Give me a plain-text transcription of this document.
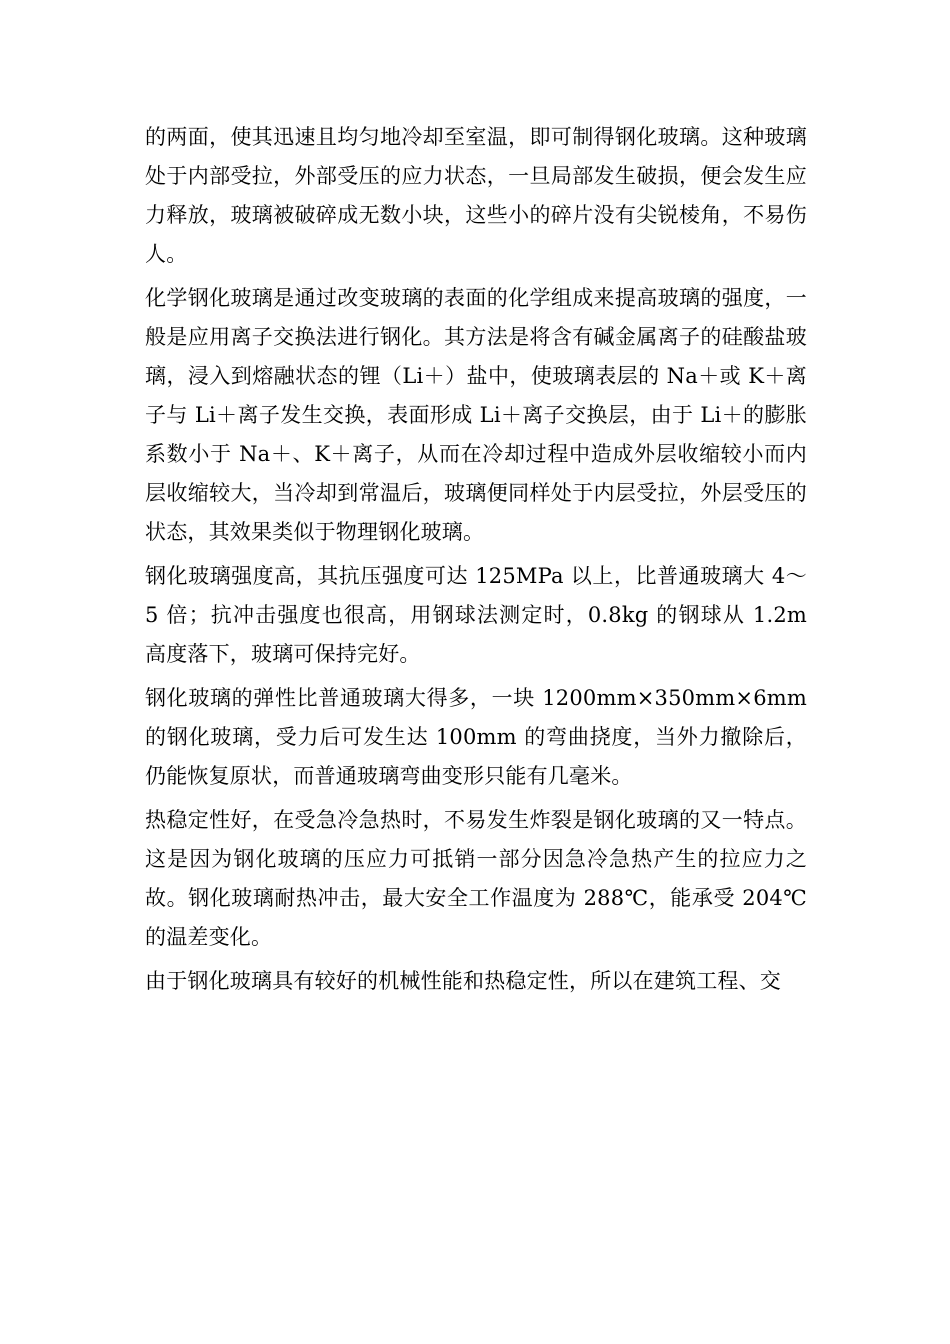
的两面，使其迅速且均匀地冷却至室温，即可制得钢化玻璃。这种玻璃处于内部受拉，外部受压的应力状态，一旦局部发生破损，便会发生应力释放，玻璃被破碎成无数小块，这些小的碎片没有尖锐棱角，不易伤人。

化学钢化玻璃是通过改变玻璃的表面的化学组成来提高玻璃的强度，一般是应用离子交换法进行钢化。其方法是将含有碱金属离子的硅酸盐玻璃，浸入到熔融状态的锂（Li＋）盐中，使玻璃表层的 Na＋或 K＋离子与 Li＋离子发生交换，表面形成 Li＋离子交换层，由于 Li＋的膨胀系数小于 Na＋、K＋离子，从而在冷却过程中造成外层收缩较小而内层收缩较大，当冷却到常温后，玻璃便同样处于内层受拉，外层受压的状态，其效果类似于物理钢化玻璃。

钢化玻璃强度高，其抗压强度可达 125MPa 以上，比普通玻璃大 4～5 倍；抗冲击强度也很高，用钢球法测定时，0.8kg 的钢球从 1.2m 高度落下，玻璃可保持完好。

钢化玻璃的弹性比普通玻璃大得多，一块 1200mm×350mm×6mm 的钢化玻璃，受力后可发生达 100mm 的弯曲挠度，当外力撤除后，仍能恢复原状，而普通玻璃弯曲变形只能有几毫米。

热稳定性好，在受急冷急热时，不易发生炸裂是钢化玻璃的又一特点。这是因为钢化玻璃的压应力可抵销一部分因急冷急热产生的拉应力之故。钢化玻璃耐热冲击，最大安全工作温度为 288℃，能承受 204℃的温差变化。

由于钢化玻璃具有较好的机械性能和热稳定性，所以在建筑工程、交
